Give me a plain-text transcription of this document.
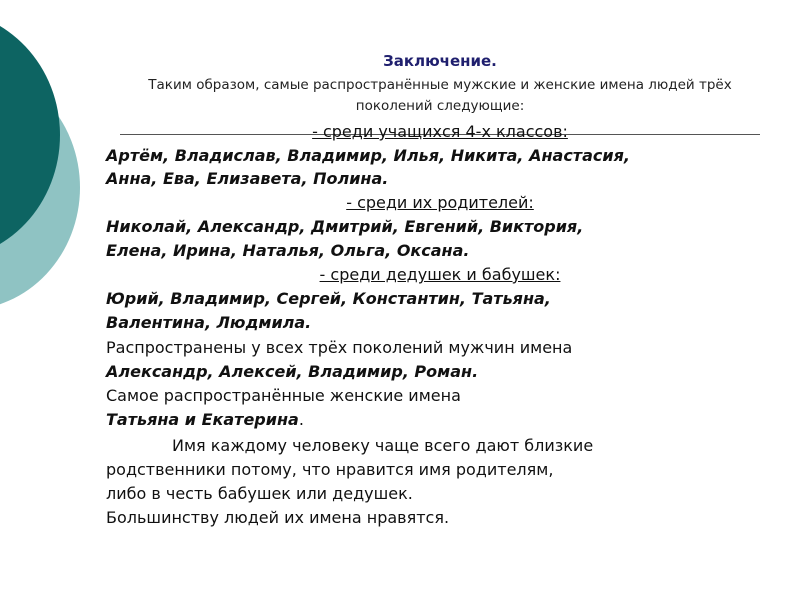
Заключение.
Таким образом, самые распространённые мужские и женские имена людей трёх поколений следующие:
- среди учащихся 4-х классов:
Артём, Владислав, Владимир, Илья, Никита, Анастасия,
Анна, Ева, Елизавета, Полина.
- среди их родителей:
Николай, Александр, Дмитрий, Евгений, Виктория,
Елена, Ирина, Наталья, Ольга, Оксана.
- среди дедушек и бабушек:
Юрий, Владимир, Сергей, Константин, Татьяна,
Валентина, Людмила.
Распространены у всех трёх поколений мужчин имена
Александр, Алексей, Владимир, Роман.
Самое распространённые женские имена
Татьяна и Екатерина.
Имя каждому человеку чаще всего дают близкие
родственники потому, что нравится имя родителям,
либо в честь бабушек или дедушек.
Большинству людей их имена нравятся.
